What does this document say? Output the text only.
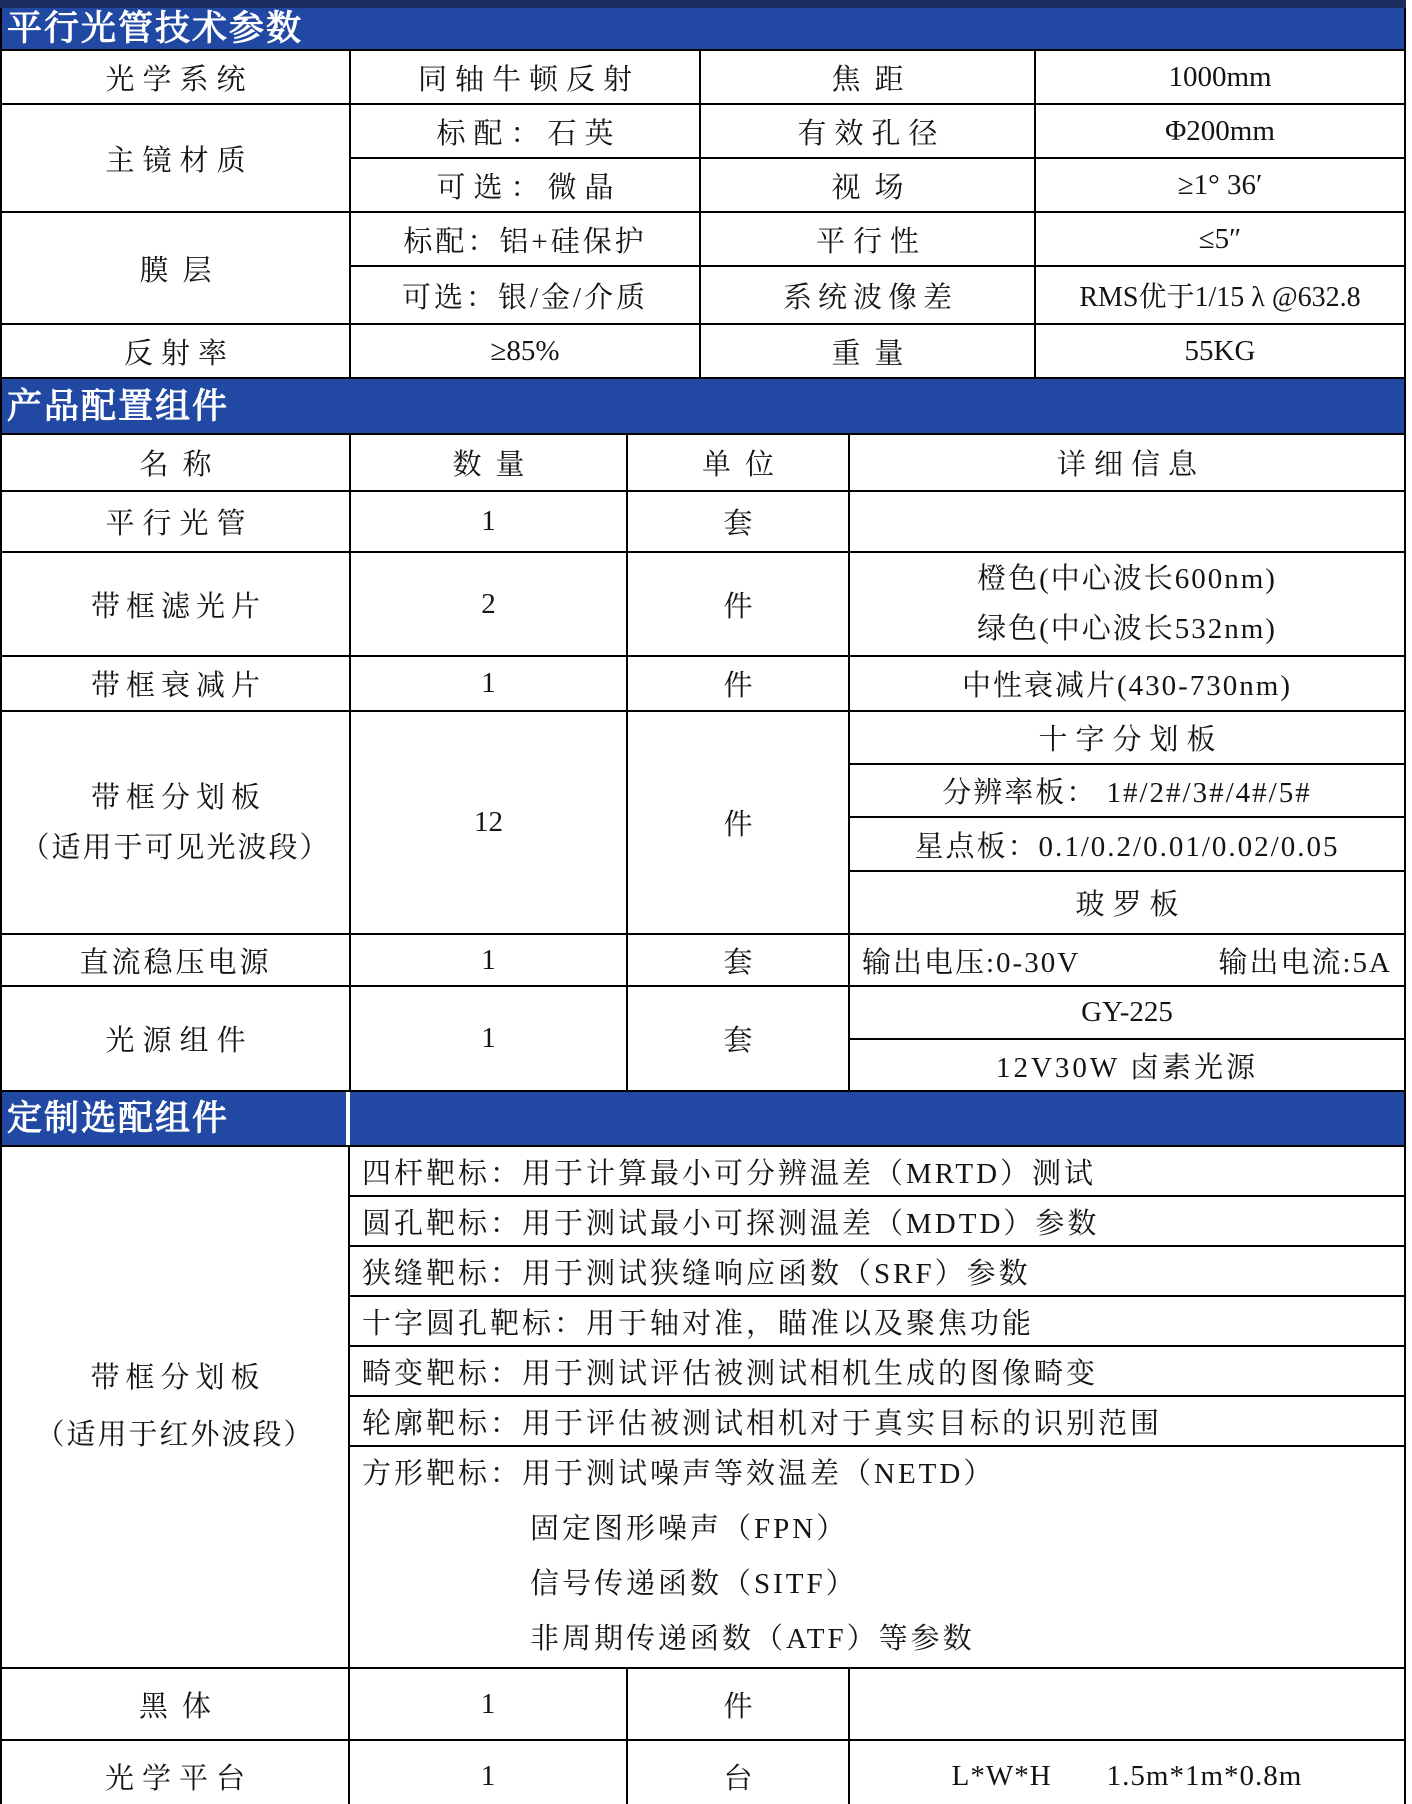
平行光管技术参数
光学系统	同轴牛顿反射	焦距	1000mm
主镜材质	标配：石英	有效孔径	Φ200mm
	可选：微晶	视场	≥1° 36′
膜层	标配：铝+硅保护	平行性	≤5″
	可选：银/金/介质	系统波像差	RMS优于1/15 λ @632.8
反射率	≥85%	重量	55KG
产品配置组件
名称	数量	单位	详细信息
平行光管	1	套	
带框滤光片	2	件	橙色(中心波长600nm)
绿色(中心波长532nm)

带框衰减片	1	件	中性衰减片(430-730nm)

带框分划板
（适用于可见光波段）	12	件	十字分划板
			分辨率板： 1#/2#/3#/4#/5#
			星点板：0.1/0.2/0.01/0.02/0.05
			玻罗板
直流稳压电源	1	套	输出电压:0-30V 输出电流:5A

光源组件	1	套	GY-225
			12V30W 卤素光源
定制选配组件
带框分划板
（适用于红外波段）	四杆靶标：用于计算最小可分辨温差（MRTD）测试		
	圆孔靶标：用于测试最小可探测温差（MDTD）参数		
	狭缝靶标：用于测试狭缝响应函数（SRF）参数		
	十字圆孔靶标：用于轴对准，瞄准以及聚焦功能		
	畸变靶标：用于测试评估被测试相机生成的图像畸变		
	轮廓靶标：用于评估被测试相机对于真实目标的识别范围		

	方形靶标：用于测试噪声等效温差（NETD）
固定图形噪声（FPN）
信号传递函数（SITF）
非周期传递函数（ATF）等参数		

黑体	1	件	
光学平台	1	台	L*W*H 1.5m*1m*0.8m
